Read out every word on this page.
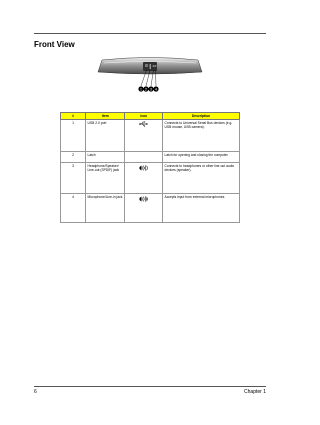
Front View
1 2 3 4
#	Item	Icon	Description
1	USB 2.0 port		Connects to Universal Serial Bus devices (e.g. USB mouse, USB camera).
2	Latch		Latch for opening and closing the computer.
3	Headphone/Speaker/ Line-out (SPDIF) jack		Connects to headphones or other line-out audio devices (speaker).
4	Microphone/Line-in jack		Accepts input from external microphones.
6	Chapter 1
